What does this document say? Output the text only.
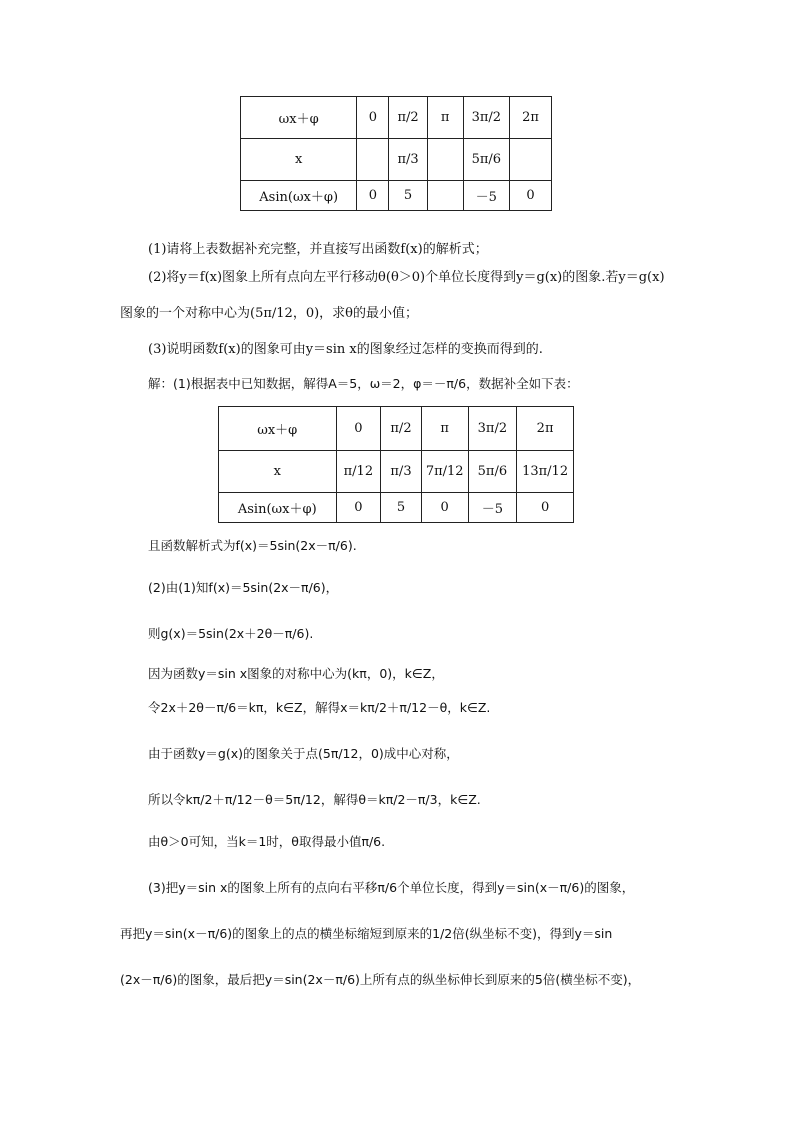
ωx＋φ	0	π/2	π	3π/2	2π
x		π/3		5π/6	
Asin(ωx＋φ)	0	5		－5	0
(1)请将上表数据补充完整，并直接写出函数f(x)的解析式；
(2)将y＝f(x)图象上所有点向左平行移动θ(θ＞0)个单位长度得到y＝g(x)的图象.若y＝g(x)
图象的一个对称中心为(5π/12，0)，求θ的最小值；
(3)说明函数f(x)的图象可由y＝sin x的图象经过怎样的变换而得到的.
解：(1)根据表中已知数据，解得A＝5，ω＝2，φ＝－π/6，数据补全如下表：
ωx＋φ	0	π/2	π	3π/2	2π
x	π/12	π/3	7π/12	5π/6	13π/12
Asin(ωx＋φ)	0	5	0	－5	0
且函数解析式为f(x)＝5sin(2x－π/6).
(2)由(1)知f(x)＝5sin(2x－π/6)，
则g(x)＝5sin(2x＋2θ－π/6).
因为函数y＝sin x图象的对称中心为(kπ，0)，k∈Z，
令2x＋2θ－π/6＝kπ，k∈Z，解得x＝kπ/2＋π/12－θ，k∈Z.
由于函数y＝g(x)的图象关于点(5π/12，0)成中心对称，
所以令kπ/2＋π/12－θ＝5π/12，解得θ＝kπ/2－π/3，k∈Z.
由θ＞0可知，当k＝1时，θ取得最小值π/6.
(3)把y＝sin x的图象上所有的点向右平移π/6个单位长度，得到y＝sin(x－π/6)的图象，
再把y＝sin(x－π/6)的图象上的点的横坐标缩短到原来的1/2倍(纵坐标不变)，得到y＝sin
(2x－π/6)的图象，最后把y＝sin(2x－π/6)上所有点的纵坐标伸长到原来的5倍(横坐标不变)，
